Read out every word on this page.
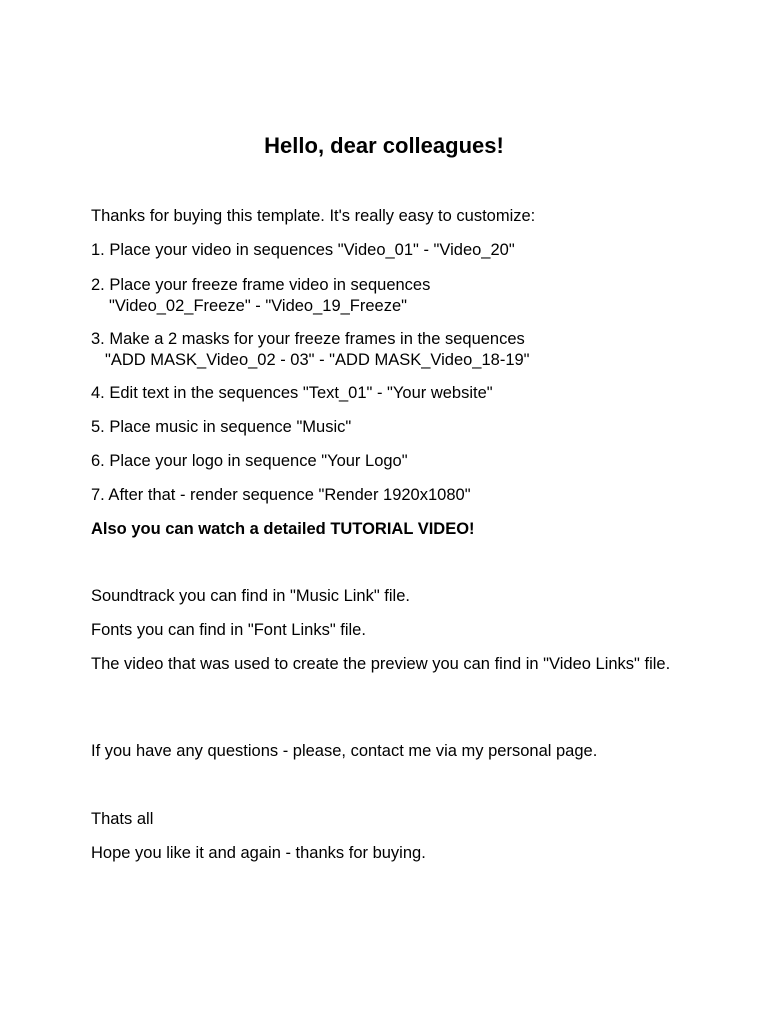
Hello, dear colleagues!
Thanks for buying this template. It's really easy to customize:
1. Place your video in sequences "Video_01" - "Video_20"
2. Place your freeze frame video in sequences
"Video_02_Freeze" - "Video_19_Freeze"
3. Make a 2 masks for your freeze frames in the sequences
"ADD MASK_Video_02 - 03" - "ADD MASK_Video_18-19"
4. Edit text in the sequences "Text_01" - "Your website"
5. Place music in sequence "Music"
6. Place your logo in sequence "Your Logo"
7. After that - render sequence "Render 1920x1080"
Also you can watch a detailed TUTORIAL VIDEO!
Soundtrack you can find in "Music Link" file.
Fonts you can find in "Font Links" file.
The video that was used to create the preview you can find in "Video Links" file.
If you have any questions - please, contact me via my personal page.
Thats all
Hope you like it and again - thanks for buying.
